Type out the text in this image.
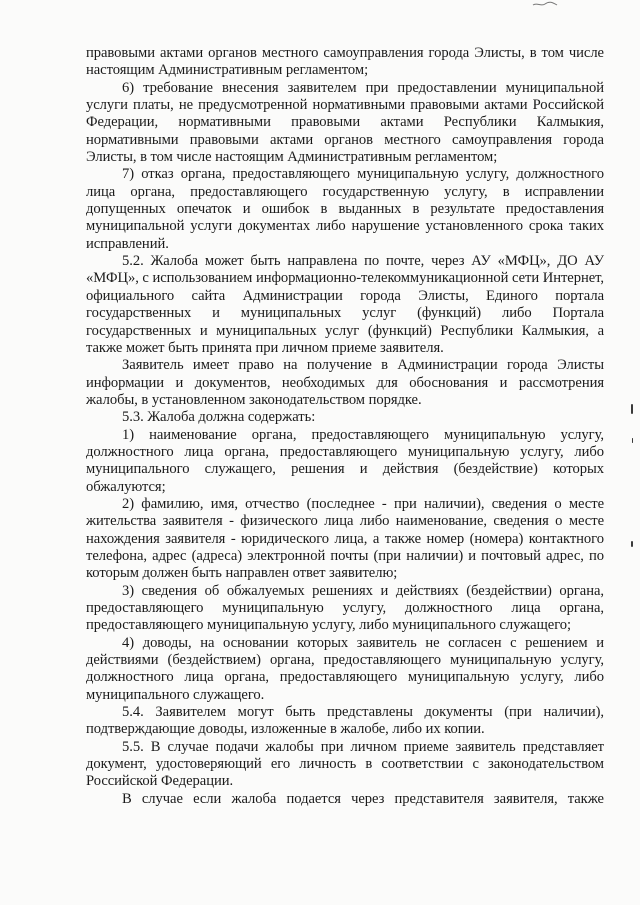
правовыми актами органов местного самоуправления города Элисты, в том числе настоящим Административным регламентом;

6) требование внесения заявителем при предоставлении муниципальной услуги платы, не предусмотренной нормативными правовыми актами Российской Федерации, нормативными правовыми актами Республики Калмыкия, нормативными правовыми актами органов местного самоуправления города Элисты, в том числе настоящим Административным регламентом;

7) отказ органа, предоставляющего муниципальную услугу, должностного лица органа, предоставляющего государственную услугу, в исправлении допущенных опечаток и ошибок в выданных в результате предоставления муниципальной услуги документах либо нарушение установленного срока таких исправлений.

5.2. Жалоба может быть направлена по почте, через АУ «МФЦ», ДО АУ «МФЦ», с использованием информационно-телекоммуникационной сети Интернет, официального сайта Администрации города Элисты, Единого портала государственных и муниципальных услуг (функций) либо Портала государственных и муниципальных услуг (функций) Республики Калмыкия, а также может быть принята при личном приеме заявителя.

Заявитель имеет право на получение в Администрации города Элисты информации и документов, необходимых для обоснования и рассмотрения жалобы, в установленном законодательством порядке.

5.3. Жалоба должна содержать:

1) наименование органа, предоставляющего муниципальную услугу, должностного лица органа, предоставляющего муниципальную услугу, либо муниципального служащего, решения и действия (бездействие) которых обжалуются;

2) фамилию, имя, отчество (последнее - при наличии), сведения о месте жительства заявителя - физического лица либо наименование, сведения о месте нахождения заявителя - юридического лица, а также номер (номера) контактного телефона, адрес (адреса) электронной почты (при наличии) и почтовый адрес, по которым должен быть направлен ответ заявителю;

3) сведения об обжалуемых решениях и действиях (бездействии) органа, предоставляющего муниципальную услугу, должностного лица органа, предоставляющего муниципальную услугу, либо муниципального служащего;

4) доводы, на основании которых заявитель не согласен с решением и действиями (бездействием) органа, предоставляющего муниципальную услугу, должностного лица органа, предоставляющего муниципальную услугу, либо муниципального служащего.

5.4. Заявителем могут быть представлены документы (при наличии), подтверждающие доводы, изложенные в жалобе, либо их копии.

5.5. В случае подачи жалобы при личном приеме заявитель представляет документ, удостоверяющий его личность в соответствии с законодательством Российской Федерации.

В случае если жалоба подается через представителя заявителя, также
